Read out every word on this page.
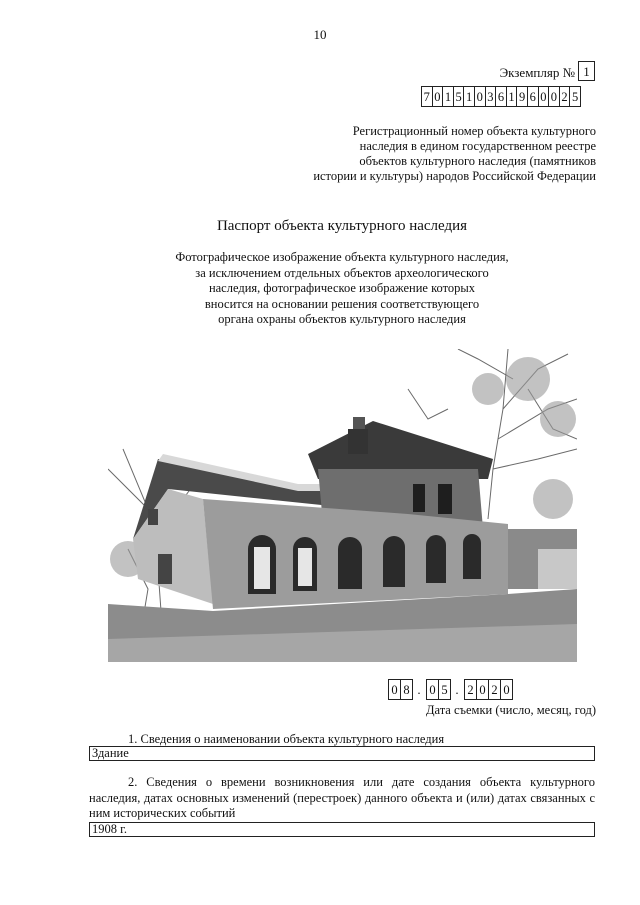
10
Экземпляр № 1
7 0 1 5 1 0 3 6 1 9 6 0 0 2 5
Регистрационный номер объекта культурного
наследия в едином государственном реестре
объектов культурного наследия (памятников
истории и культуры) народов Российской Федерации
Паспорт объекта культурного наследия
Фотографическое изображение объекта культурного наследия,
за исключением отдельных объектов археологического
наследия, фотографическое изображение которых
вносится на основании решения соответствующего
органа охраны объектов культурного наследия
0 8 . 0 5 . 2 0 2 0
Дата съемки (число, месяц, год)
1. Сведения о наименовании объекта культурного наследия
Здание
2. Сведения о времени возникновения или дате создания объекта культурного наследия, датах основных изменений (перестроек) данного объекта и (или) датах связанных с ним исторических событий
1908 г.
